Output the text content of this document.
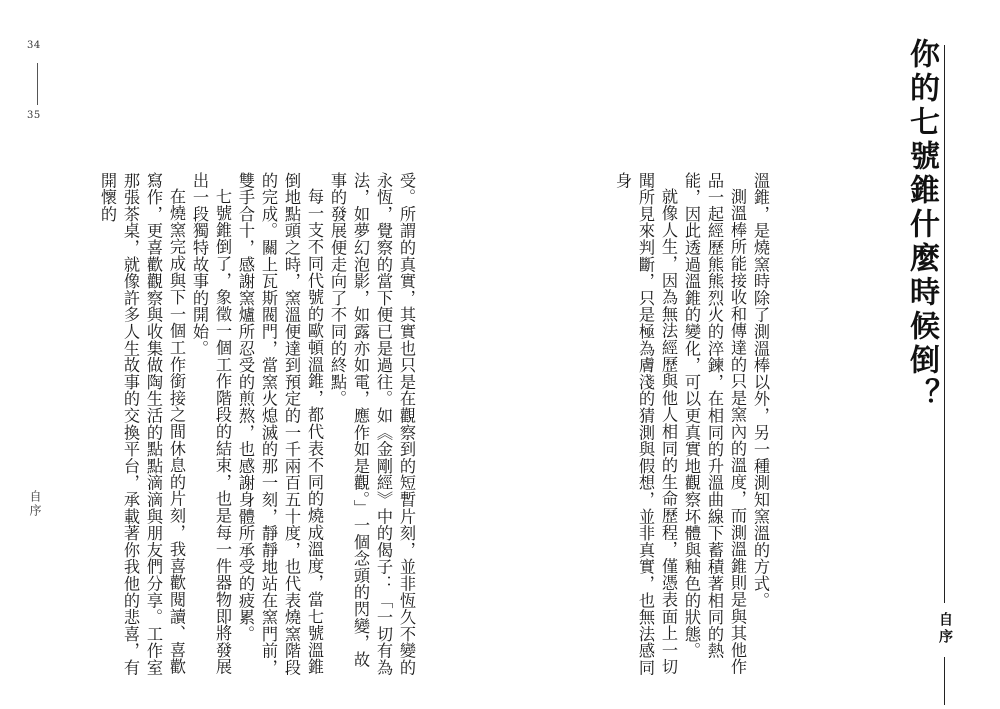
34
35
自序	受。所謂的真實，其實也只是在觀察到的短暫片刻，並非恆久不變的永恆，覺察的當下便已是過往。如《金剛經》中的偈子：「一切有為法，如夢幻泡影，如露亦如電，應作如是觀。」一個念頭的閃變，故事的發展便走向了不同的終點。

每一支不同代號的歐頓溫錐，都代表不同的燒成溫度，當七號溫錐倒地點頭之時，窯溫便達到預定的一千兩百五十度，也代表燒窯階段的完成。關上瓦斯閥門，當窯火熄滅的那一刻，靜靜地站在窯門前，雙手合十，感謝窯爐所忍受的煎熬，也感謝身體所承受的疲累。

七號錐倒了，象徵一個工作階段的結束，也是每一件器物即將發展出一段獨特故事的開始。

在燒窯完成與下一個工作銜接之間休息的片刻，我喜歡閱讀、喜歡寫作，更喜歡觀察與收集做陶生活的點點滴滴與朋友們分享。工作室那張茶桌，就像許多人生故事的交換平台，承載著你我他的悲喜，有開懷的	溫錐，是燒窯時除了測溫棒以外，另一種測知窯溫的方式。

測溫棒所能接收和傳達的只是窯內的溫度，而測溫錐則是與其他作品一起經歷熊熊烈火的淬鍊，在相同的升溫曲線下蓄積著相同的熱能，因此透過溫錐的變化，可以更真實地觀察坏體與釉色的狀態。

就像人生，因為無法經歷與他人相同的生命歷程，僅憑表面上一切聞所見來判斷，只是極為膚淺的猜測與假想，並非真實，也無法感同身	你的七號錐什麼時候倒？
自序
